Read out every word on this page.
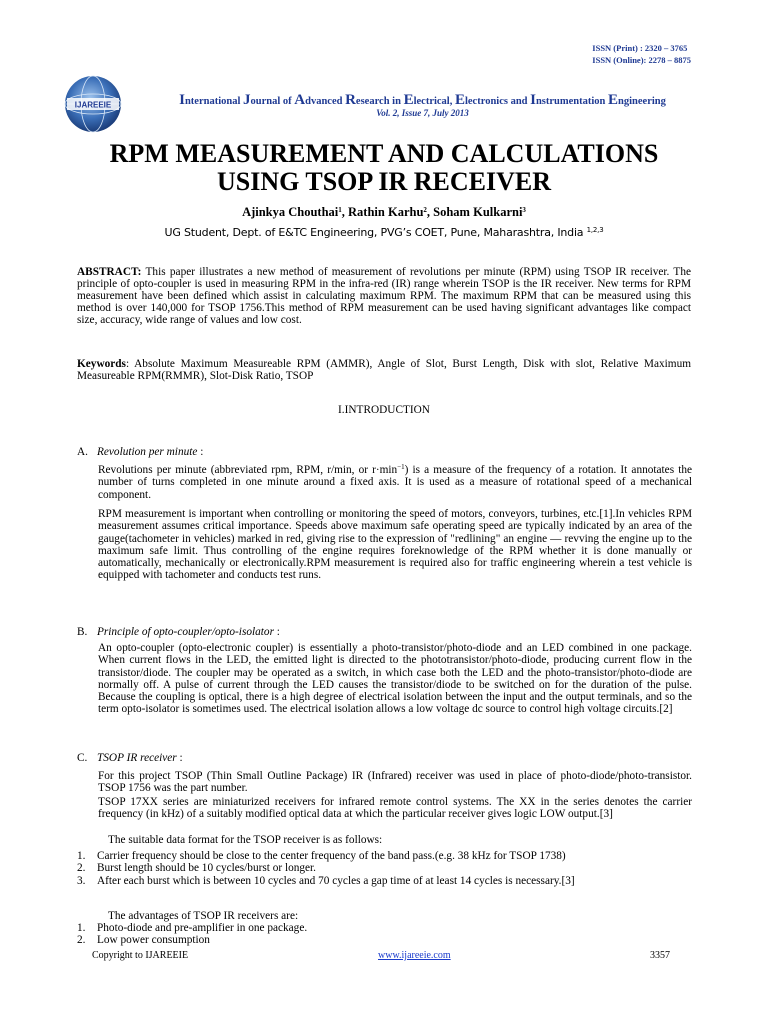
ISSN (Print) : 2320 – 3765
ISSN (Online): 2278 – 8875
IJAREEIE	International Journal of Advanced Research in Electrical, Electronics and Instrumentation Engineering
Vol. 2, Issue 7, July 2013
RPM MEASUREMENT AND CALCULATIONS
USING TSOP IR RECEIVER
Ajinkya Chouthai$^1$, Rathin Karhu$^2$, Soham Kulkarni$^3$
UG Student, Dept. of E&TC Engineering, PVG’s COET, Pune, Maharashtra, India $^{1,2,3}$
ABSTRACT: This paper illustrates a new method of measurement of revolutions per minute (RPM) using TSOP IR receiver. The principle of opto-coupler is used in measuring RPM in the infra-red (IR) range wherein TSOP is the IR receiver. New terms for RPM measurement have been defined which assist in calculating maximum RPM. The maximum RPM that can be measured using this method is over 140,000 for TSOP 1756.This method of RPM measurement can be used having significant advantages like compact size, accuracy, wide range of values and low cost.
Keywords: Absolute Maximum Measureable RPM (AMMR), Angle of Slot, Burst Length, Disk with slot, Relative Maximum Measureable RPM(RMMR), Slot-Disk Ratio, TSOP
I.INTRODUCTION
A. Revolution per minute :
Revolutions per minute (abbreviated rpm, RPM, r/min, or $r\cdot\min^{-1}$) is a measure of the frequency of a rotation. It annotates the number of turns completed in one minute around a fixed axis. It is used as a measure of rotational speed of a mechanical component.
RPM measurement is important when controlling or monitoring the speed of motors, conveyors, turbines, etc.[1].In vehicles RPM measurement assumes critical importance. Speeds above maximum safe operating speed are typically indicated by an area of the gauge(tachometer in vehicles) marked in red, giving rise to the expression of "redlining" an engine — revving the engine up to the maximum safe limit. Thus controlling of the engine requires foreknowledge of the RPM whether it is done manually or automatically, mechanically or electronically.RPM measurement is required also for traffic engineering wherein a test vehicle is equipped with tachometer and conducts test runs.
B. Principle of opto-coupler/opto-isolator :
An opto-coupler (opto-electronic coupler) is essentially a photo-transistor/photo-diode and an LED combined in one package. When current flows in the LED, the emitted light is directed to the phototransistor/photo-diode, producing current flow in the transistor/diode. The coupler may be operated as a switch, in which case both the LED and the photo-transistor/photo-diode are normally off. A pulse of current through the LED causes the transistor/diode to be switched on for the duration of the pulse. Because the coupling is optical, there is a high degree of electrical isolation between the input and the output terminals, and so the term opto-isolator is sometimes used. The electrical isolation allows a low voltage dc source to control high voltage circuits.[2]
C. TSOP IR receiver :
For this project TSOP (Thin Small Outline Package) IR (Infrared) receiver was used in place of photo-diode/photo-transistor. TSOP 1756 was the part number.
TSOP 17XX series are miniaturized receivers for infrared remote control systems. The XX in the series denotes the carrier frequency (in kHz) of a suitably modified optical data at which the particular receiver gives logic LOW output.[3]
The suitable data format for the TSOP receiver is as follows:
1. Carrier frequency should be close to the center frequency of the band pass.(e.g. 38 kHz for TSOP 1738)
2. Burst length should be 10 cycles/burst or longer.
3. After each burst which is between 10 cycles and 70 cycles a gap time of at least 14 cycles is necessary.[3]
The advantages of TSOP IR receivers are:
1. Photo-diode and pre-amplifier in one package.
2. Low power consumption
Copyright to IJAREEIE	www.ijareeie.com	3357
